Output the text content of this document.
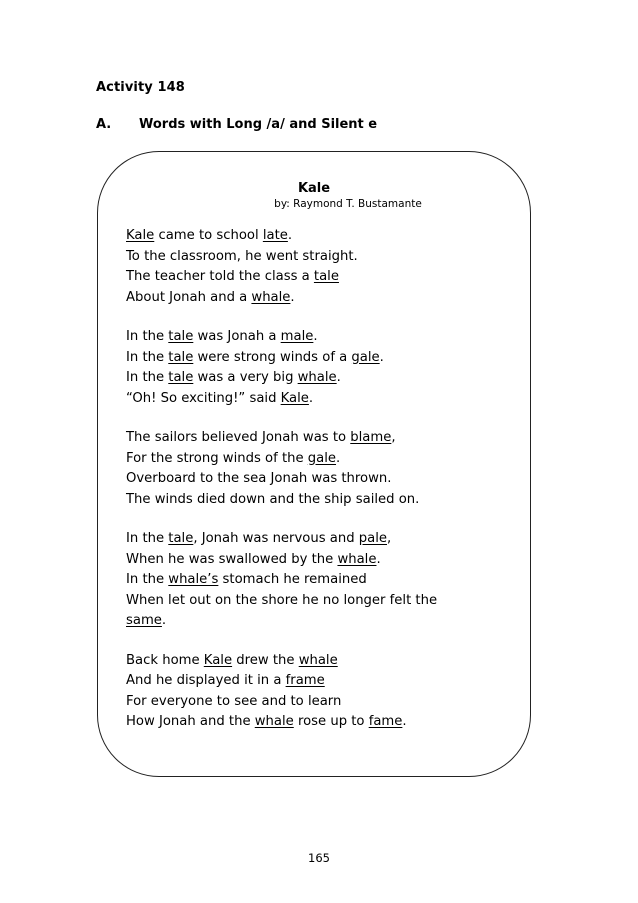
Activity 148
A. Words with Long /a/ and Silent e
Kale
by: Raymond T. Bustamante
Kale came to school late.
To the classroom, he went straight.
The teacher told the class a tale
About Jonah and a whale.
In the tale was Jonah a male.
In the tale were strong winds of a gale.
In the tale was a very big whale.
“Oh! So exciting!” said Kale.
The sailors believed Jonah was to blame,
For the strong winds of the gale.
Overboard to the sea Jonah was thrown.
The winds died down and the ship sailed on.
In the tale, Jonah was nervous and pale,
When he was swallowed by the whale.
In the whale’s stomach he remained
When let out on the shore he no longer felt the
same.
Back home Kale drew the whale
And he displayed it in a frame
For everyone to see and to learn
How Jonah and the whale rose up to fame.
165
